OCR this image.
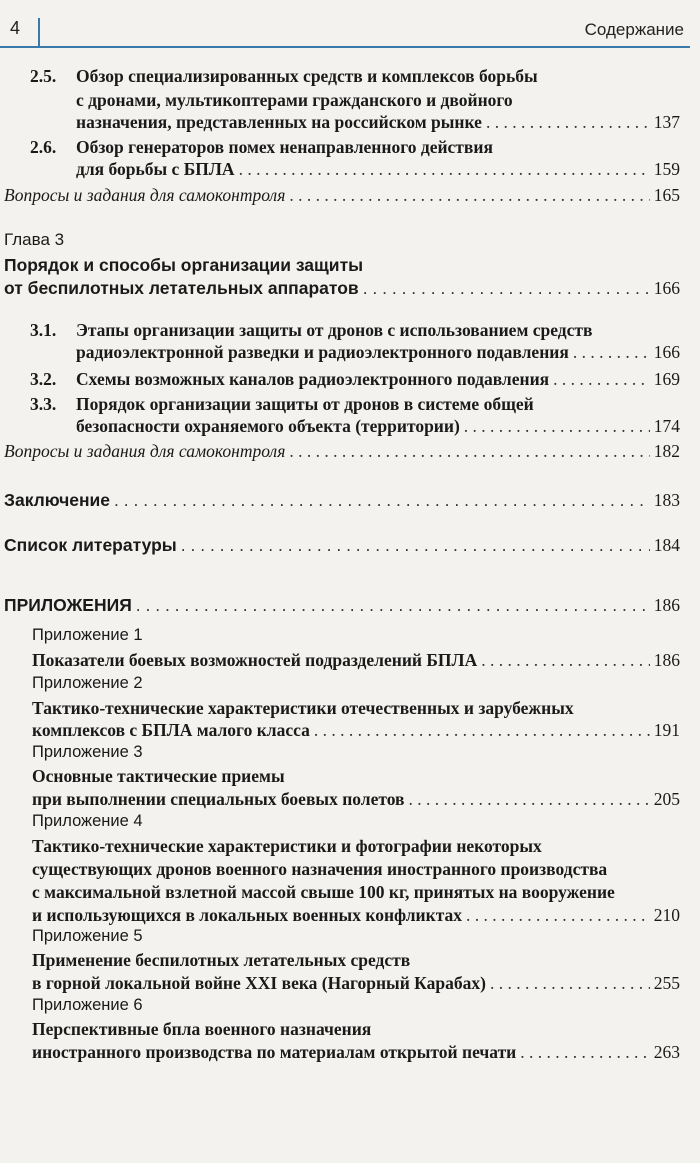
4	Содержание
2.5. Обзор специализированных средств и комплексов борьбы
с дронами, мультикоптерами гражданского и двойного
назначения, представленных на российском рынке . . .	137
2.6. Обзор генераторов помех ненаправленного действия
для борьбы с БПЛА . . .	159
Вопросы и задания для самоконтроля . . .	165
Глава 3
Порядок и способы организации защиты
от беспилотных летательных аппаратов . . .	166
3.1. Этапы организации защиты от дронов с использованием средств
радиоэлектронной разведки и радиоэлектронного подавления . . .	166
3.2. Схемы возможных каналов радиоэлектронного подавления . . .	169
3.3. Порядок организации защиты от дронов в системе общей
безопасности охраняемого объекта (территории) . . .	174
Вопросы и задания для самоконтроля . . .	182
Заключение . . .	183
Список литературы . . .	184
ПРИЛОЖЕНИЯ . . .	186
Приложение 1
Показатели боевых возможностей подразделений БПЛА . . .	186
Приложение 2
Тактико-технические характеристики отечественных и зарубежных
комплексов с БПЛА малого класса . . .	191
Приложение 3
Основные тактические приемы
при выполнении специальных боевых полетов . . .	205
Приложение 4
Тактико-технические характеристики и фотографии некоторых
существующих дронов военного назначения иностранного производства
с максимальной взлетной массой свыше 100 кг, принятых на вооружение
и использующихся в локальных военных конфликтах . . .	210
Приложение 5
Применение беспилотных летательных средств
в горной локальной войне XXI века (Нагорный Карабах) . . .	255
Приложение 6
Перспективные бпла военного назначения
иностранного производства по материалам открытой печати . . .	263
